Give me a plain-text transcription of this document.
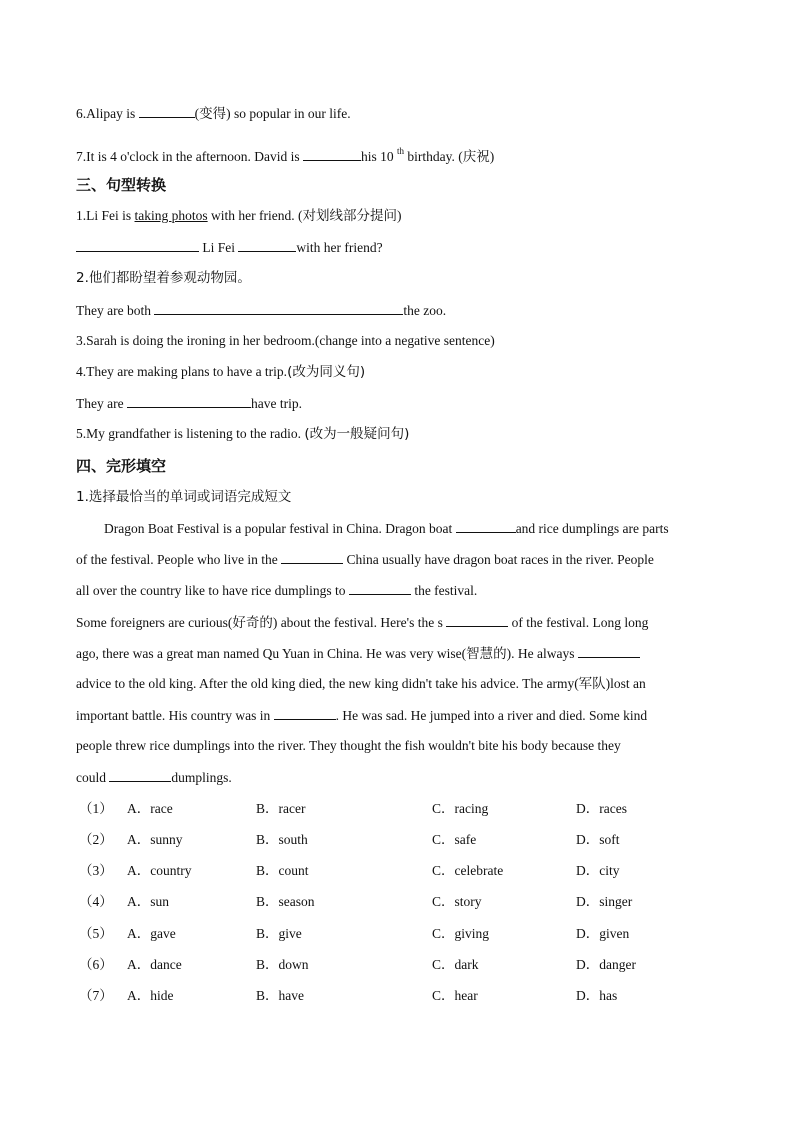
6.Alipay is	(变得) so popular in our life.
7.It is 4 o'clock in the afternoon. David is	his 10 $^{th}$ birthday. (庆祝)
三、句型转换
1.Li Fei is taking photos with her friend. (对划线部分提问)
Li Fei	with her friend?
2.他们都盼望着参观动物园。
They are both	the zoo.
3.Sarah is doing the ironing in her bedroom.(change into a negative sentence)
4.They are making plans to have a trip.(改为同义句)
They are	have trip.
5.My grandfather is listening to the radio. (改为一般疑问句)
四、完形填空
1.选择最恰当的单词或词语完成短文
Dragon Boat Festival is a popular festival in China. Dragon boat	and rice dumplings are parts
of the festival. People who live in the	China usually have dragon boat races in the river. People
all over the country like to have rice dumplings to	the festival.
Some foreigners are curious(好奇的) about the festival. Here's the s	of the festival. Long long
ago, there was a great man named Qu Yuan in China. He was very wise(智慧的). He always
advice to the old king. After the old king died, the new king didn't take his advice. The army(军队)lost an
important battle. His country was in	. He was sad. He jumped into a river and died. Some kind
people threw rice dumplings into the river. They thought the fish wouldn't bite his body because they
could	dumplings.
（1） A．race	B．racer	C．racing	D．races
（2） A．sunny	B．south	C．safe	D．soft
（3） A．country	B．count	C．celebrate	D．city
（4） A．sun	B．season	C．story	D．singer
（5） A．gave	B．give	C．giving	D．given
（6） A．dance	B．down	C．dark	D．danger
（7） A．hide	B．have	C．hear	D．has
